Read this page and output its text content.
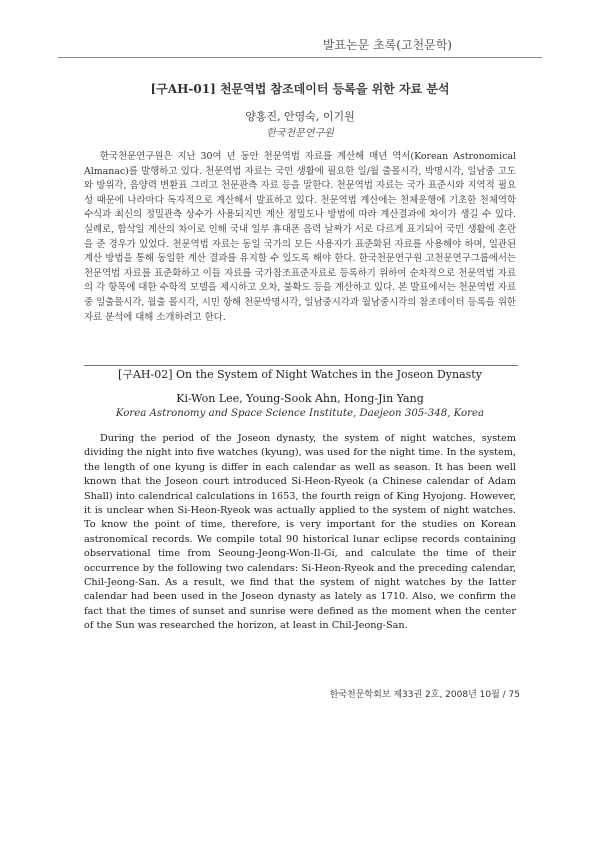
발표논문 초록(고천문학)
[구AH-01] 천문역법 참조데이터 등록을 위한 자료 분석
양홍진, 안영숙, 이기원
한국천문연구원

한국천문연구원은 지난 30여 년 동안 천문역법 자료를 계산해 매년 역서(Korean Astronomical Almanac)를 발행하고 있다. 천문역법 자료는 국민 생활에 필요한 일/월 출몰시각, 박명시각, 일남중 고도와 방위각, 음양력 변환표 그리고 천문관측 자료 등을 말한다. 천문역법 자료는 국가 표준시와 지역적 필요성 때문에 나라마다 독자적으로 계산해서 발표하고 있다. 천문역법 계산에는 천체운행에 기초한 천체역학 수식과 최신의 정밀관측 상수가 사용되지만 계산 정밀도나 방법에 따라 계산결과에 차이가 생길 수 있다. 실례로, 합삭일 계산의 차이로 인해 국내 일부 휴대폰 음력 날짜가 서로 다르게 표기되어 국민 생활에 혼란을 준 경우가 있었다. 천문역법 자료는 동일 국가의 모든 사용자가 표준화된 자료를 사용해야 하며, 일관된 계산 방법을 통해 동일한 계산 결과를 유지할 수 있도록 해야 한다. 한국천문연구원 고천문연구그룹에서는 천문역법 자료를 표준화하고 이들 자료를 국가참조표준자료로 등록하기 위하여 순차적으로 천문역법 자료의 각 항목에 대한 수학적 모델을 제시하고 오차, 불확도 등을 계산하고 있다. 본 발표에서는 천문역법 자료 중 일출몰시각, 월출 몰시각, 시민 항해 천문박명시각, 일남중시각과 월남중시각의 참조데이터 등록을 위한 자료 분석에 대해 소개하려고 한다.

[구AH-02] On the System of Night Watches in the Joseon Dynasty
Ki-Won Lee, Young-Sook Ahn, Hong-Jin Yang
Korea Astronomy and Space Science Institute, Daejeon 305-348, Korea

During the period of the Joseon dynasty, the system of night watches, system dividing the night into five watches (kyung), was used for the night time. In the system, the length of one kyung is differ in each calendar as well as season. It has been well known that the Joseon court introduced Si-Heon-Ryeok (a Chinese calendar of Adam Shall) into calendrical calculations in 1653, the fourth reign of King Hyojong. However, it is unclear when Si-Heon-Ryeok was actually applied to the system of night watches. To know the point of time, therefore, is very important for the studies on Korean astronomical records. We compile total 90 historical lunar eclipse records containing observational time from Seoung-Jeong-Won-Il-Gi, and calculate the time of their occurrence by the following two calendars: Si-Heon-Ryeok and the preceding calendar, Chil-Jeong-San. As a result, we find that the system of night watches by the latter calendar had been used in the Joseon dynasty as lately as 1710. Also, we confirm the fact that the times of sunset and sunrise were defined as the moment when the center of the Sun was researched the horizon, at least in Chil-Jeong-San.

한국천문학회보 제33권 2호, 2008년 10월 / 75
